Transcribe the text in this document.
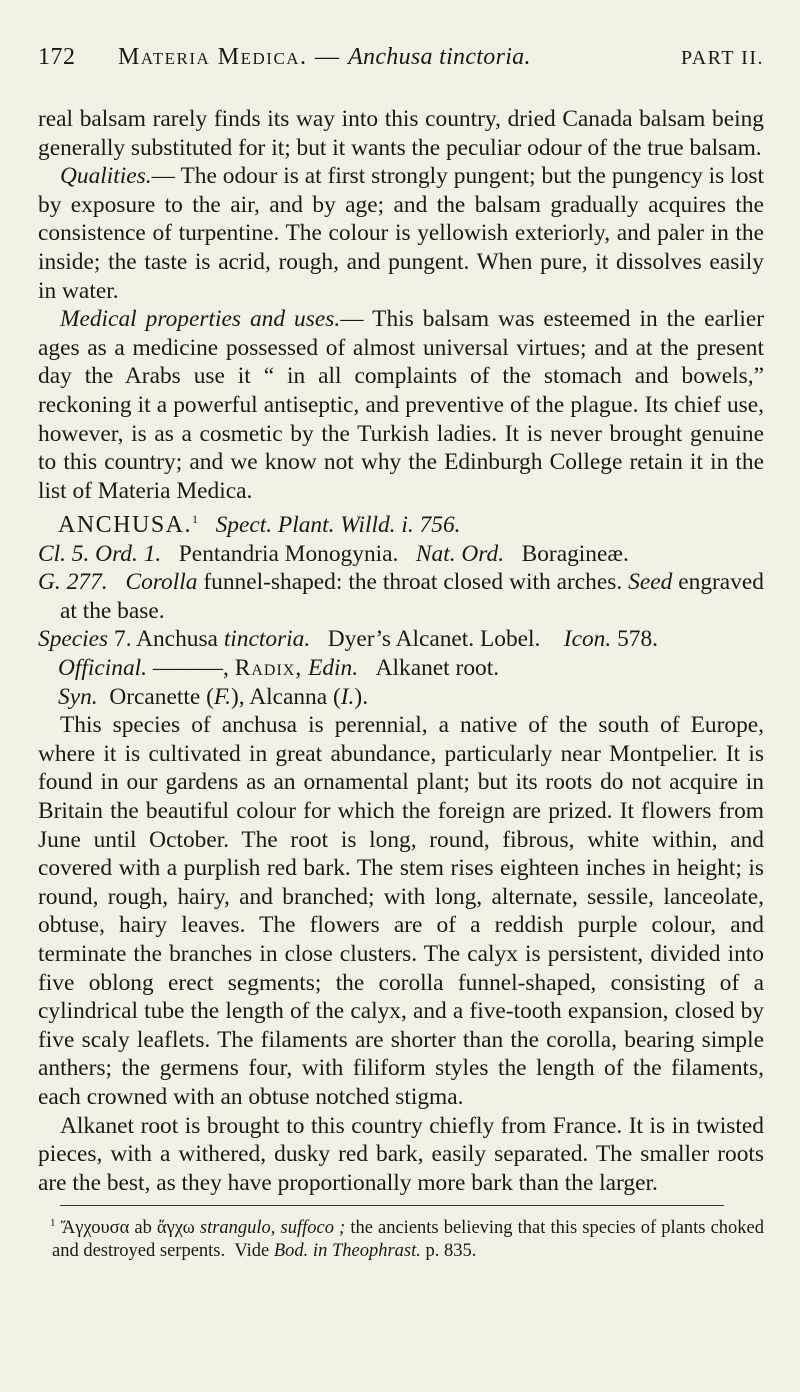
172	Materia Medica. — Anchusa tinctoria.	PART II.

real balsam rarely finds its way into this country, dried Canada balsam being generally substituted for it; but it wants the peculiar odour of the true balsam.

Qualities.— The odour is at first strongly pungent; but the pungency is lost by exposure to the air, and by age; and the balsam gradually acquires the consistence of turpentine. The colour is yellowish exteriorly, and paler in the inside; the taste is acrid, rough, and pungent. When pure, it dissolves easily in water.

Medical properties and uses.— This balsam was esteemed in the earlier ages as a medicine possessed of almost universal virtues; and at the present day the Arabs use it “ in all complaints of the stomach and bowels,” reckoning it a powerful antiseptic, and preventive of the plague. Its chief use, however, is as a cosmetic by the Turkish ladies. It is never brought genuine to this country; and we know not why the Edinburgh College retain it in the list of Materia Medica.

ANCHUSA.$^1$ Spect. Plant. Willd. i. 756.

Cl. 5. Ord. 1. Pentandria Monogynia. Nat. Ord. Boragineæ.

G. 277. Corolla funnel-shaped: the throat closed with arches. Seed engraved at the base.

Species 7. Anchusa tinctoria. Dyer’s Alcanet. Lobel. Icon. 578.

Officinal. ———, Radix, Edin. Alkanet root.

Syn. Orcanette (F.), Alcanna (I.).

This species of anchusa is perennial, a native of the south of Europe, where it is cultivated in great abundance, particularly near Montpelier. It is found in our gardens as an ornamental plant; but its roots do not acquire in Britain the beautiful colour for which the foreign are prized. It flowers from June until October. The root is long, round, fibrous, white within, and covered with a purplish red bark. The stem rises eighteen inches in height; is round, rough, hairy, and branched; with long, alternate, sessile, lanceolate, obtuse, hairy leaves. The flowers are of a reddish purple colour, and terminate the branches in close clusters. The calyx is persistent, divided into five oblong erect segments; the corolla funnel-shaped, consisting of a cylindrical tube the length of the calyx, and a five-tooth expansion, closed by five scaly leaflets. The filaments are shorter than the corolla, bearing simple anthers; the germens four, with filiform styles the length of the filaments, each crowned with an obtuse notched stigma.

Alkanet root is brought to this country chiefly from France. It is in twisted pieces, with a withered, dusky red bark, easily separated. The smaller roots are the best, as they have proportionally more bark than the larger.

$^1$ Ἄγχουσα ab ἄγχω strangulo, suffoco ; the ancients believing that this species of plants choked and destroyed serpents. Vide Bod. in Theophrast. p. 835.
